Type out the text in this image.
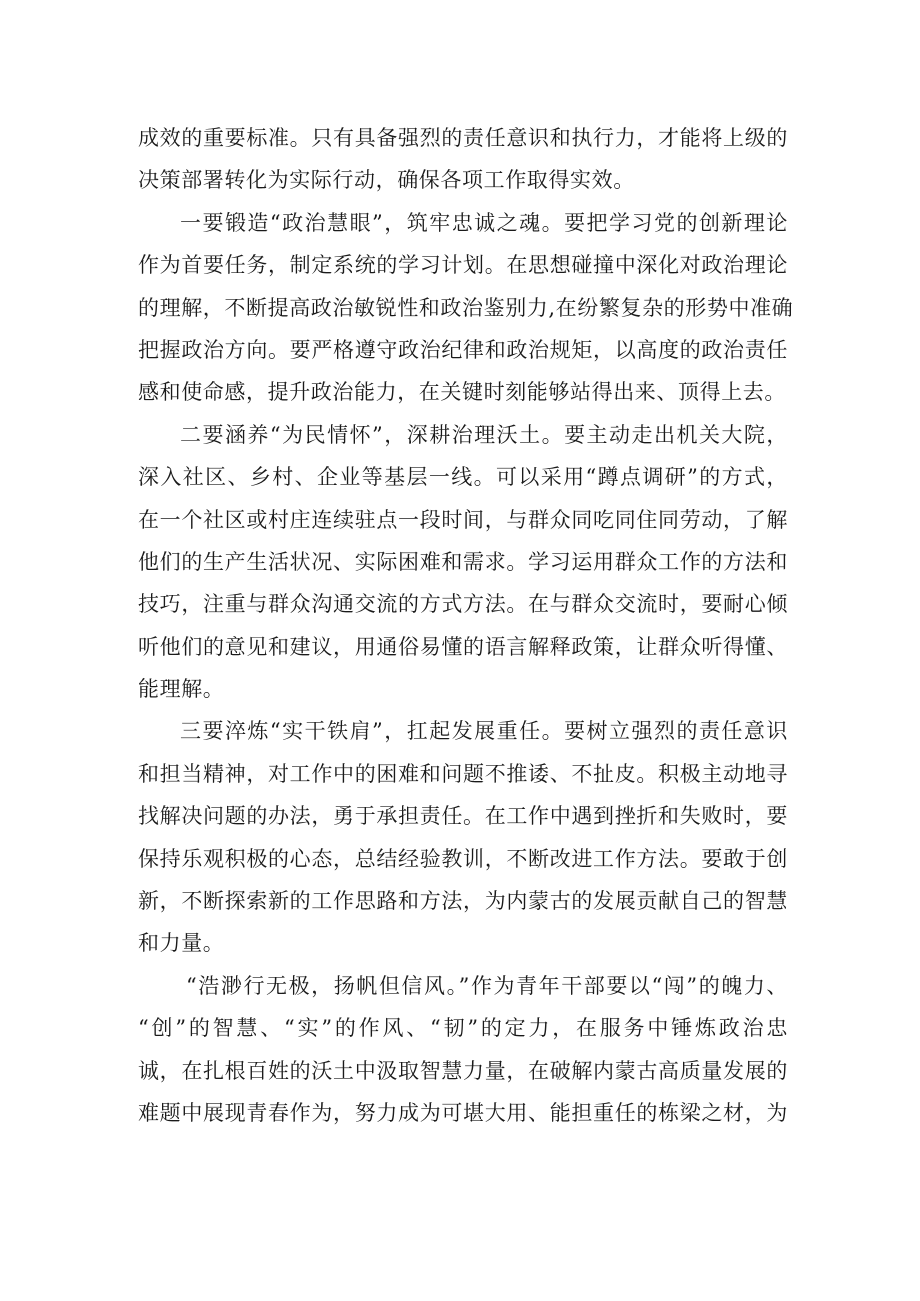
成效的重要标准。只有具备强烈的责任意识和执行力，才能将上级的
决策部署转化为实际行动，确保各项工作取得实效。
一要锻造“政治慧眼”，筑牢忠诚之魂。要把学习党的创新理论
作为首要任务，制定系统的学习计划。在思想碰撞中深化对政治理论
的理解，不断提高政治敏锐性和政治鉴别力,在纷繁复杂的形势中准确
把握政治方向。要严格遵守政治纪律和政治规矩，以高度的政治责任
感和使命感，提升政治能力，在关键时刻能够站得出来、顶得上去。
二要涵养“为民情怀”，深耕治理沃土。要主动走出机关大院，
深入社区、乡村、企业等基层一线。可以采用“蹲点调研”的方式，
在一个社区或村庄连续驻点一段时间，与群众同吃同住同劳动，了解
他们的生产生活状况、实际困难和需求。学习运用群众工作的方法和
技巧，注重与群众沟通交流的方式方法。在与群众交流时，要耐心倾
听他们的意见和建议，用通俗易懂的语言解释政策，让群众听得懂、
能理解。
三要淬炼“实干铁肩”，扛起发展重任。要树立强烈的责任意识
和担当精神，对工作中的困难和问题不推诿、不扯皮。积极主动地寻
找解决问题的办法，勇于承担责任。在工作中遇到挫折和失败时，要
保持乐观积极的心态，总结经验教训，不断改进工作方法。要敢于创
新，不断探索新的工作思路和方法，为内蒙古的发展贡献自己的智慧
和力量。
“浩渺行无极，扬帆但信风。”作为青年干部要以“闯”的魄力、
“创”的智慧、“实”的作风、“韧”的定力，在服务中锤炼政治忠
诚，在扎根百姓的沃土中汲取智慧力量，在破解内蒙古高质量发展的
难题中展现青春作为，努力成为可堪大用、能担重任的栋梁之材，为
